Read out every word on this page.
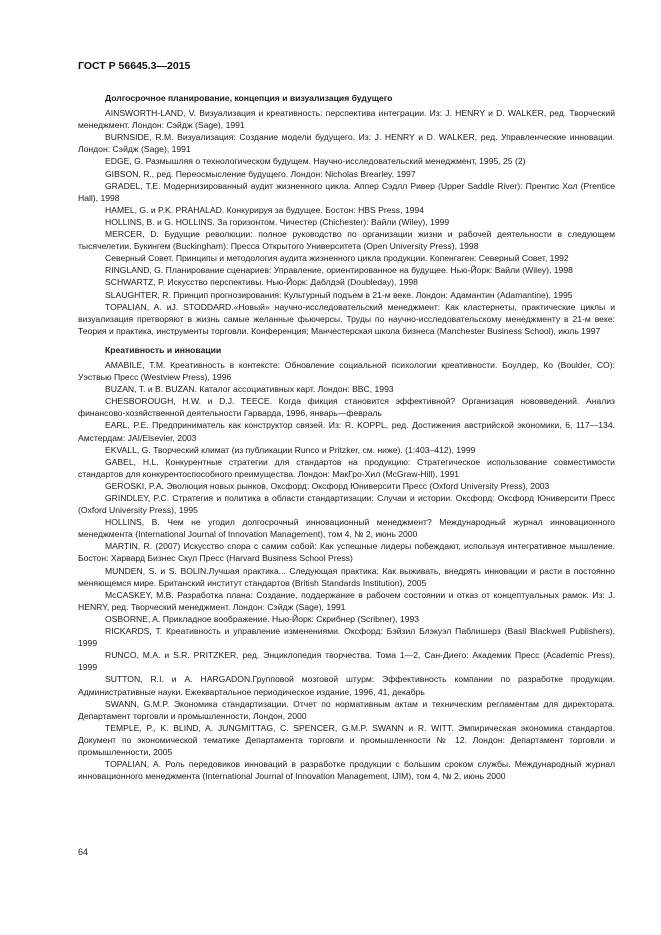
ГОСТ Р 56645.3—2015

Долгосрочное планирование, концепция и визуализация будущего

AINSWORTH-LAND, V. Визуализация и креативность: перспектива интеграции. Из: J. HENRY и D. WALKER, ред. Творческий менеджмент. Лондон: Сэйдж (Sage), 1991

BURNSIDE, R.M. Визуализация: Создание модели будущего. Из: J. HENRY и D. WALKER, ред. Управленческие инновации. Лондон: Сэйдж (Sage), 1991

EDGE, G. Размышляя о технологическом будущем. Научно-исследовательский менеджмент, 1995, 25 (2)

GIBSON, R., ред. Переосмысление будущего. Лондон: Nicholas Brearley, 1997

GRADEL, T.E. Модернизированный аудит жизненного цикла. Аппер Сэдлл Ривер (Upper Saddle River): Прентис Хол (Prentice Hall), 1998

HAMEL, G. и P.K. PRAHALAD. Конкурируя за будущее. Бостон: HBS Press, 1994

HOLLINS, B. и G. HOLLINS. За горизонтом. Чичестер (Chichester): Вайли (Wiley), 1999

MERCER, D. Будущие революции: полное руководство по организации жизни и рабочей деятельности в следующем тысячелетии. Букингем (Buckingham): Пресса Открытого Университета (Open University Press), 1998

Северный Совет. Принципы и методология аудита жизненного цикла продукции. Копенгаген: Северный Совет, 1992

RINGLAND, G. Планирование сценариев: Управление, ориентированное на будущее. Нью-Йорк: Вайли (Wiley), 1998

SCHWARTZ, P. Искусство перспективы. Нью-Йорк: Даблдэй (Doubleday), 1998

SLAUGHTER, R. Принцип прогнозирования: Культурный подъем в 21-м веке. Лондон: Адамантин (Adamantine), 1995

TOPALIAN, A. иJ. STODDARD.«Новый» научно-исследовательский менеджмент: Как кластернеты, практические циклы и визуализация претворяют в жизнь самые желанные фьючерсы. Труды по научно-исследовательскому менеджменту в 21-м веке: Теория и практика, инструменты торговли. Конференция; Манчестерская школа бизнеса (Manchester Business School), июль 1997

Креативность и инновации

AMABILE, T.M. Креативность в контексте: Обновление социальной психологии креативности. Боулдер, Ко (Boulder, CO): Уэствью Пресс (Westview Press), 1996

BUZAN, T. и B. BUZAN. Каталог ассоциативных карт. Лондон: BBC, 1993

CHESBOROUGH, H.W. и D.J. TEECE. Когда фикция становится эффективной? Организация нововведений. Анализ финансово-хозяйственной деятельности Гарварда, 1996, январь—февраль

EARL, P.E. Предприниматель как конструктор связей. Из: R. KOPPL, ред. Достижения австрийской экономики, 6, 117—134. Амстердам: JAI/Elsevier, 2003

EKVALL, G. Творческий климат (из публикации Runco и Pritzker, см. ниже). (1:403–412), 1999

GABEL, H.L. Конкурентные стратегии для стандартов на продукцию: Стратегическое использование совместимости стандартов для конкурентоспособного преимущества. Лондон: МакГро-Хил (McGraw-Hill), 1991

GEROSKI, P.A. Эволюция новых рынков, Оксфорд: Оксфорд Юниверсити Пресс (Oxford University Press), 2003

GRINDLEY, P.C. Стратегия и политика в области стандартизации: Случаи и истории. Оксфорд: Оксфорд Юниверсити Пресс (Oxford University Press), 1995

HOLLINS, B. Чем не угодил долгосрочный инновационный менеджмент? Международный журнал инновационного менеджмента (International Journal of Innovation Management), том 4, № 2, июнь 2000

MARTIN, R. (2007) Искусство спора с самим собой: Как успешные лидеры побеждают, используя интегративное мышление. Бостон: Харвард Бизнес Скул Пресс (Harvard Business School Press)

MUNDEN, S. и S. BOLIN.Лучшая практика... Следующая практика: Как выживать, внедрять инновации и расти в постоянно меняющемся мире. Британский институт стандартов (British Standards Institution), 2005

McCASKEY, M.B. Разработка плана: Создание, поддержание в рабочем состоянии и отказ от концептуальных рамок. Из: J. HENRY, ред. Творческий менеджмент. Лондон: Сэйдж (Sage), 1991

OSBORNE, A. Прикладное воображение. Нью-Йорк: Скрибнер (Scribner), 1993

RICKARDS, T. Креативность и управление изменениями. Оксфорд: Бэйзил Блэкуэл Паблишерз (Basil Blackwell Publishers), 1999

RUNCO, M.A. и S.R. PRITZKER, ред. Энциклопедия творчества. Тома 1—2, Сан-Диего: Академик Пресс (Academic Press), 1999

SUTTON, R.I. и A. HARGADON.Групповой мозговой штурм: Эффективность компании по разработке продукции. Административные науки. Ежеквартальное периодическое издание, 1996, 41, декабрь

SWANN, G.M.P. Экономика стандартизации. Отчет по нормативным актам и техническим регламентам для директората. Департамент торговли и промышленности, Лондон, 2000

TEMPLE, P., K. BLIND, A. JUNGMITTAG, C. SPENCER, G.M.P. SWANN и R. WITT. Эмпирическая экономика стандартов. Документ по экономической тематике Департамента торговли и промышленности № 12. Лондон: Департамент торговли и промышленности, 2005

TOPALIAN, A. Роль передовиков инноваций в разработке продукции с большим сроком службы. Международный журнал инновационного менеджмента (International Journal of Innovation Management, IJIM), том 4, № 2, июнь 2000

64
